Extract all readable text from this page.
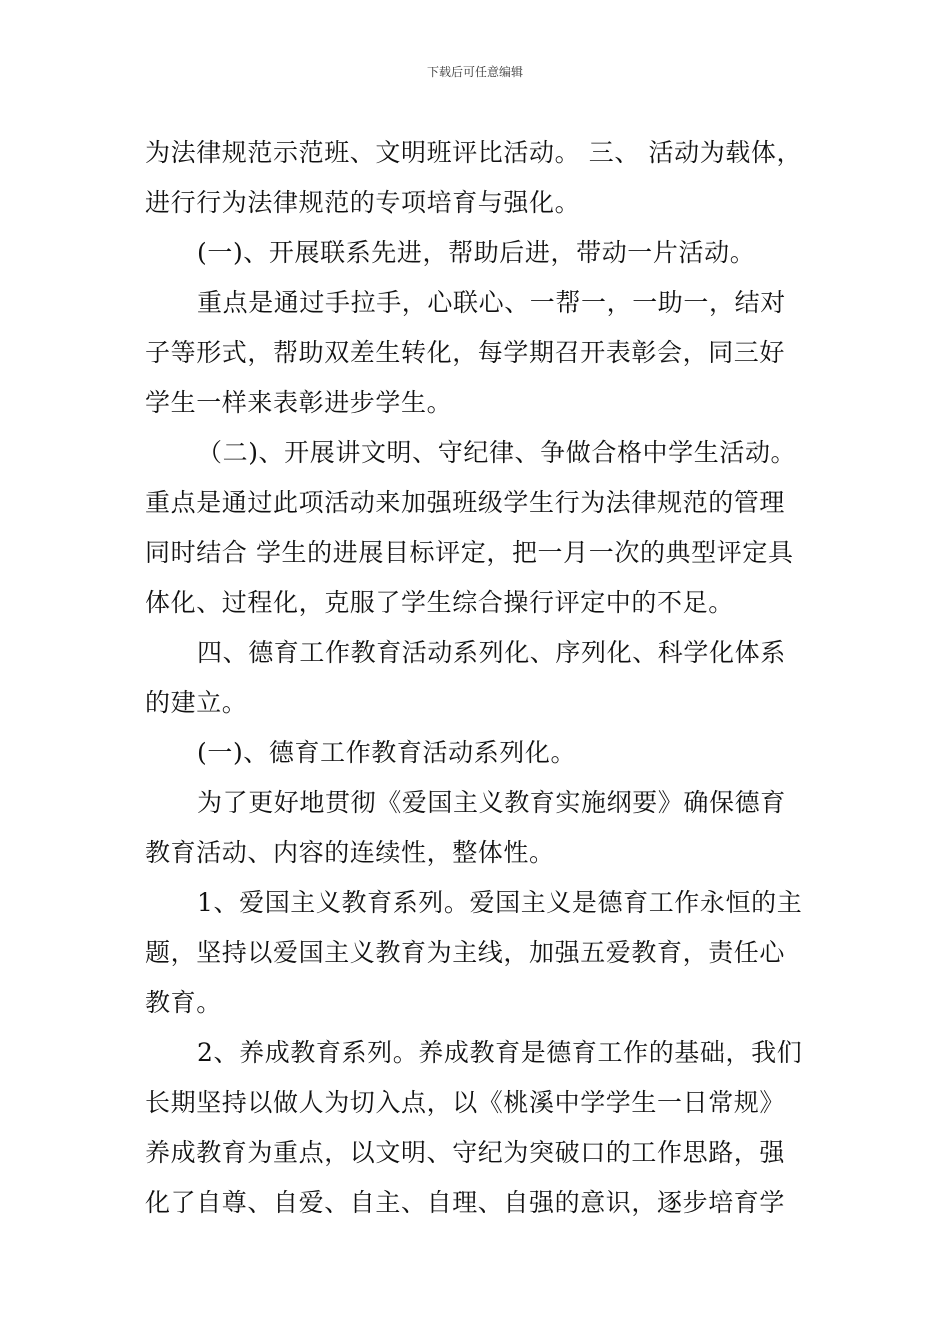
下载后可任意编辑
为法律规范示范班、文明班评比活动。 三、 活动为载体，
进行行为法律规范的专项培育与强化。
(一)、开展联系先进，帮助后进，带动一片活动。
重点是通过手拉手，心联心、一帮一，一助一，结对
子等形式，帮助双差生转化，每学期召开表彰会，同三好
学生一样来表彰进步学生。
（二)、开展讲文明、守纪律、争做合格中学生活动。
重点是通过此项活动来加强班级学生行为法律规范的管理
同时结合 学生的进展目标评定，把一月一次的典型评定具
体化、过程化，克服了学生综合操行评定中的不足。
四、德育工作教育活动系列化、序列化、科学化体系
的建立。
(一)、德育工作教育活动系列化。
为了更好地贯彻《爱国主义教育实施纲要》确保德育
教育活动、内容的连续性，整体性。
1、爱国主义教育系列。爱国主义是德育工作永恒的主
题，坚持以爱国主义教育为主线，加强五爱教育，责任心
教育。
2、养成教育系列。养成教育是德育工作的基础，我们
长期坚持以做人为切入点，以《桃溪中学学生一日常规》
养成教育为重点，以文明、守纪为突破口的工作思路，强
化了自尊、自爱、自主、自理、自强的意识，逐步培育学
